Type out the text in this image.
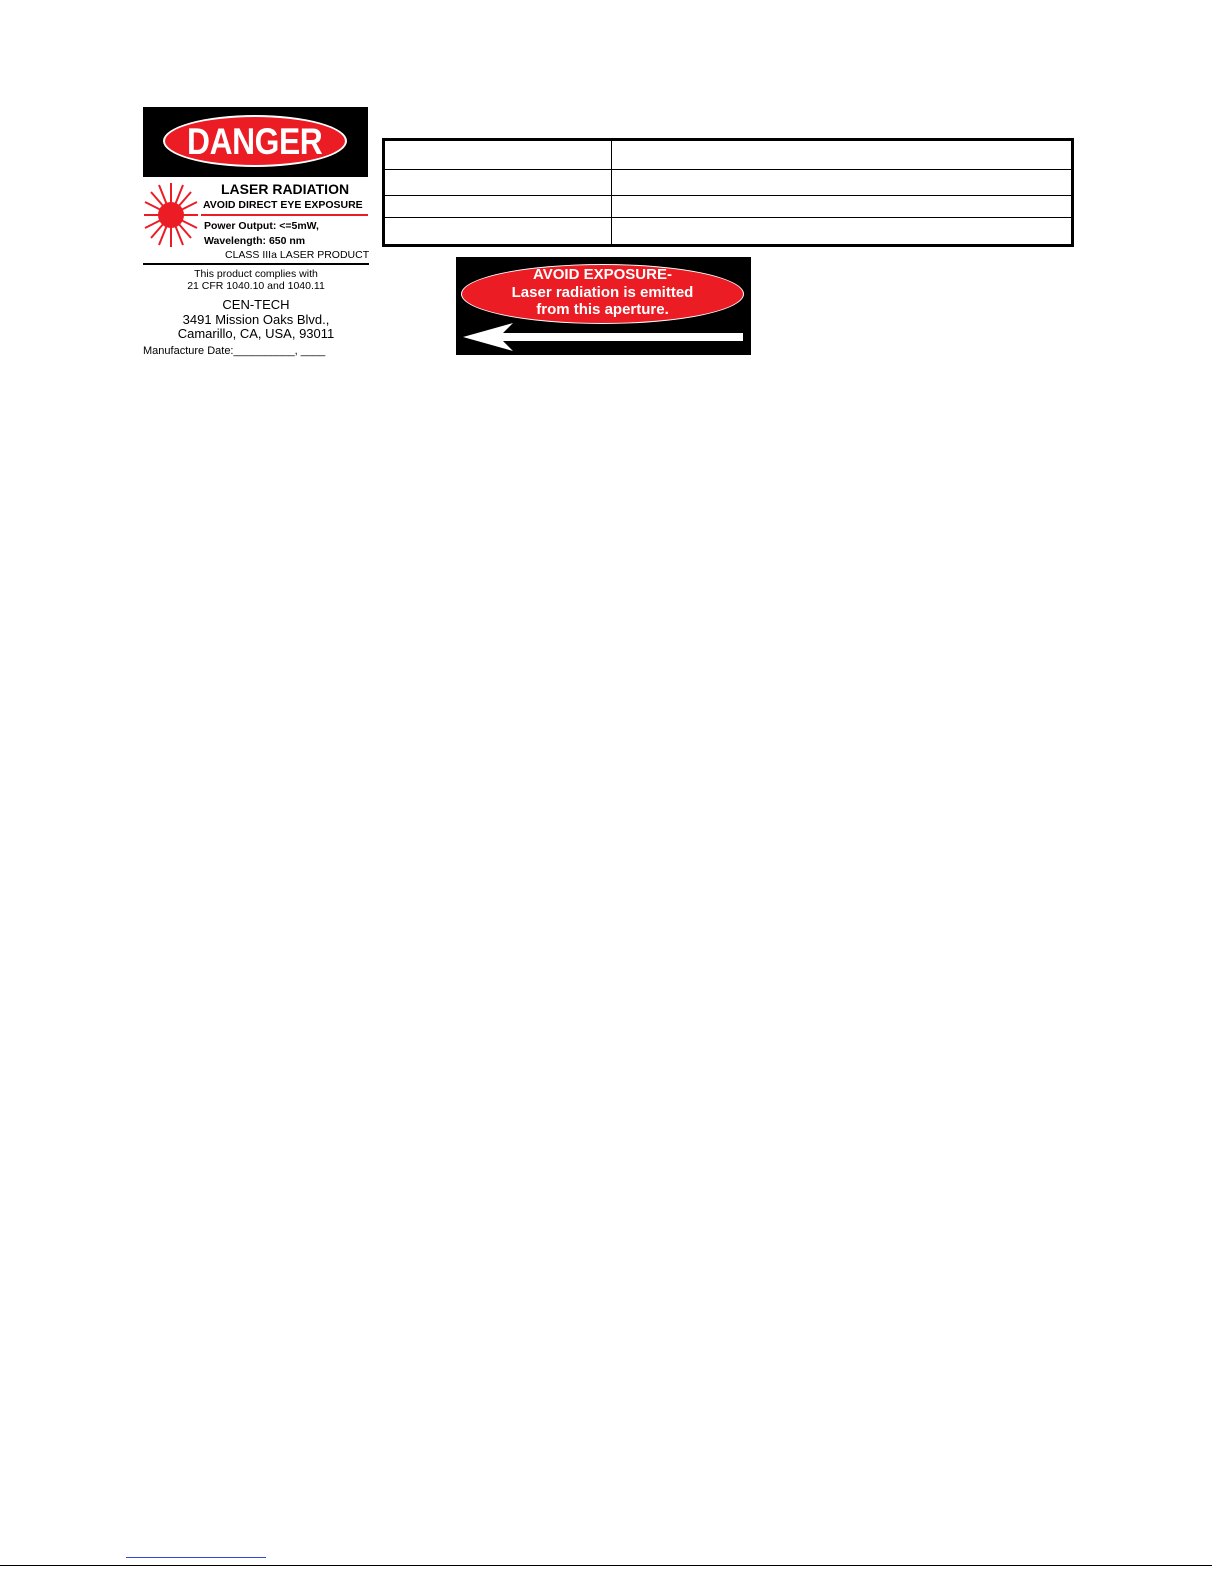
DANGER
LASER RADIATION
AVOID DIRECT EYE EXPOSURE
Power Output: <=5mW,
Wavelength: 650 nm
CLASS IIIa LASER PRODUCT
This product complies with
21 CFR 1040.10 and 1040.11
CEN-TECH
3491 Mission Oaks Blvd.,
Camarillo, CA, USA, 93011
Manufacture Date:__________, ____
AVOID EXPOSURE-
Laser radiation is emitted
from this aperture.
